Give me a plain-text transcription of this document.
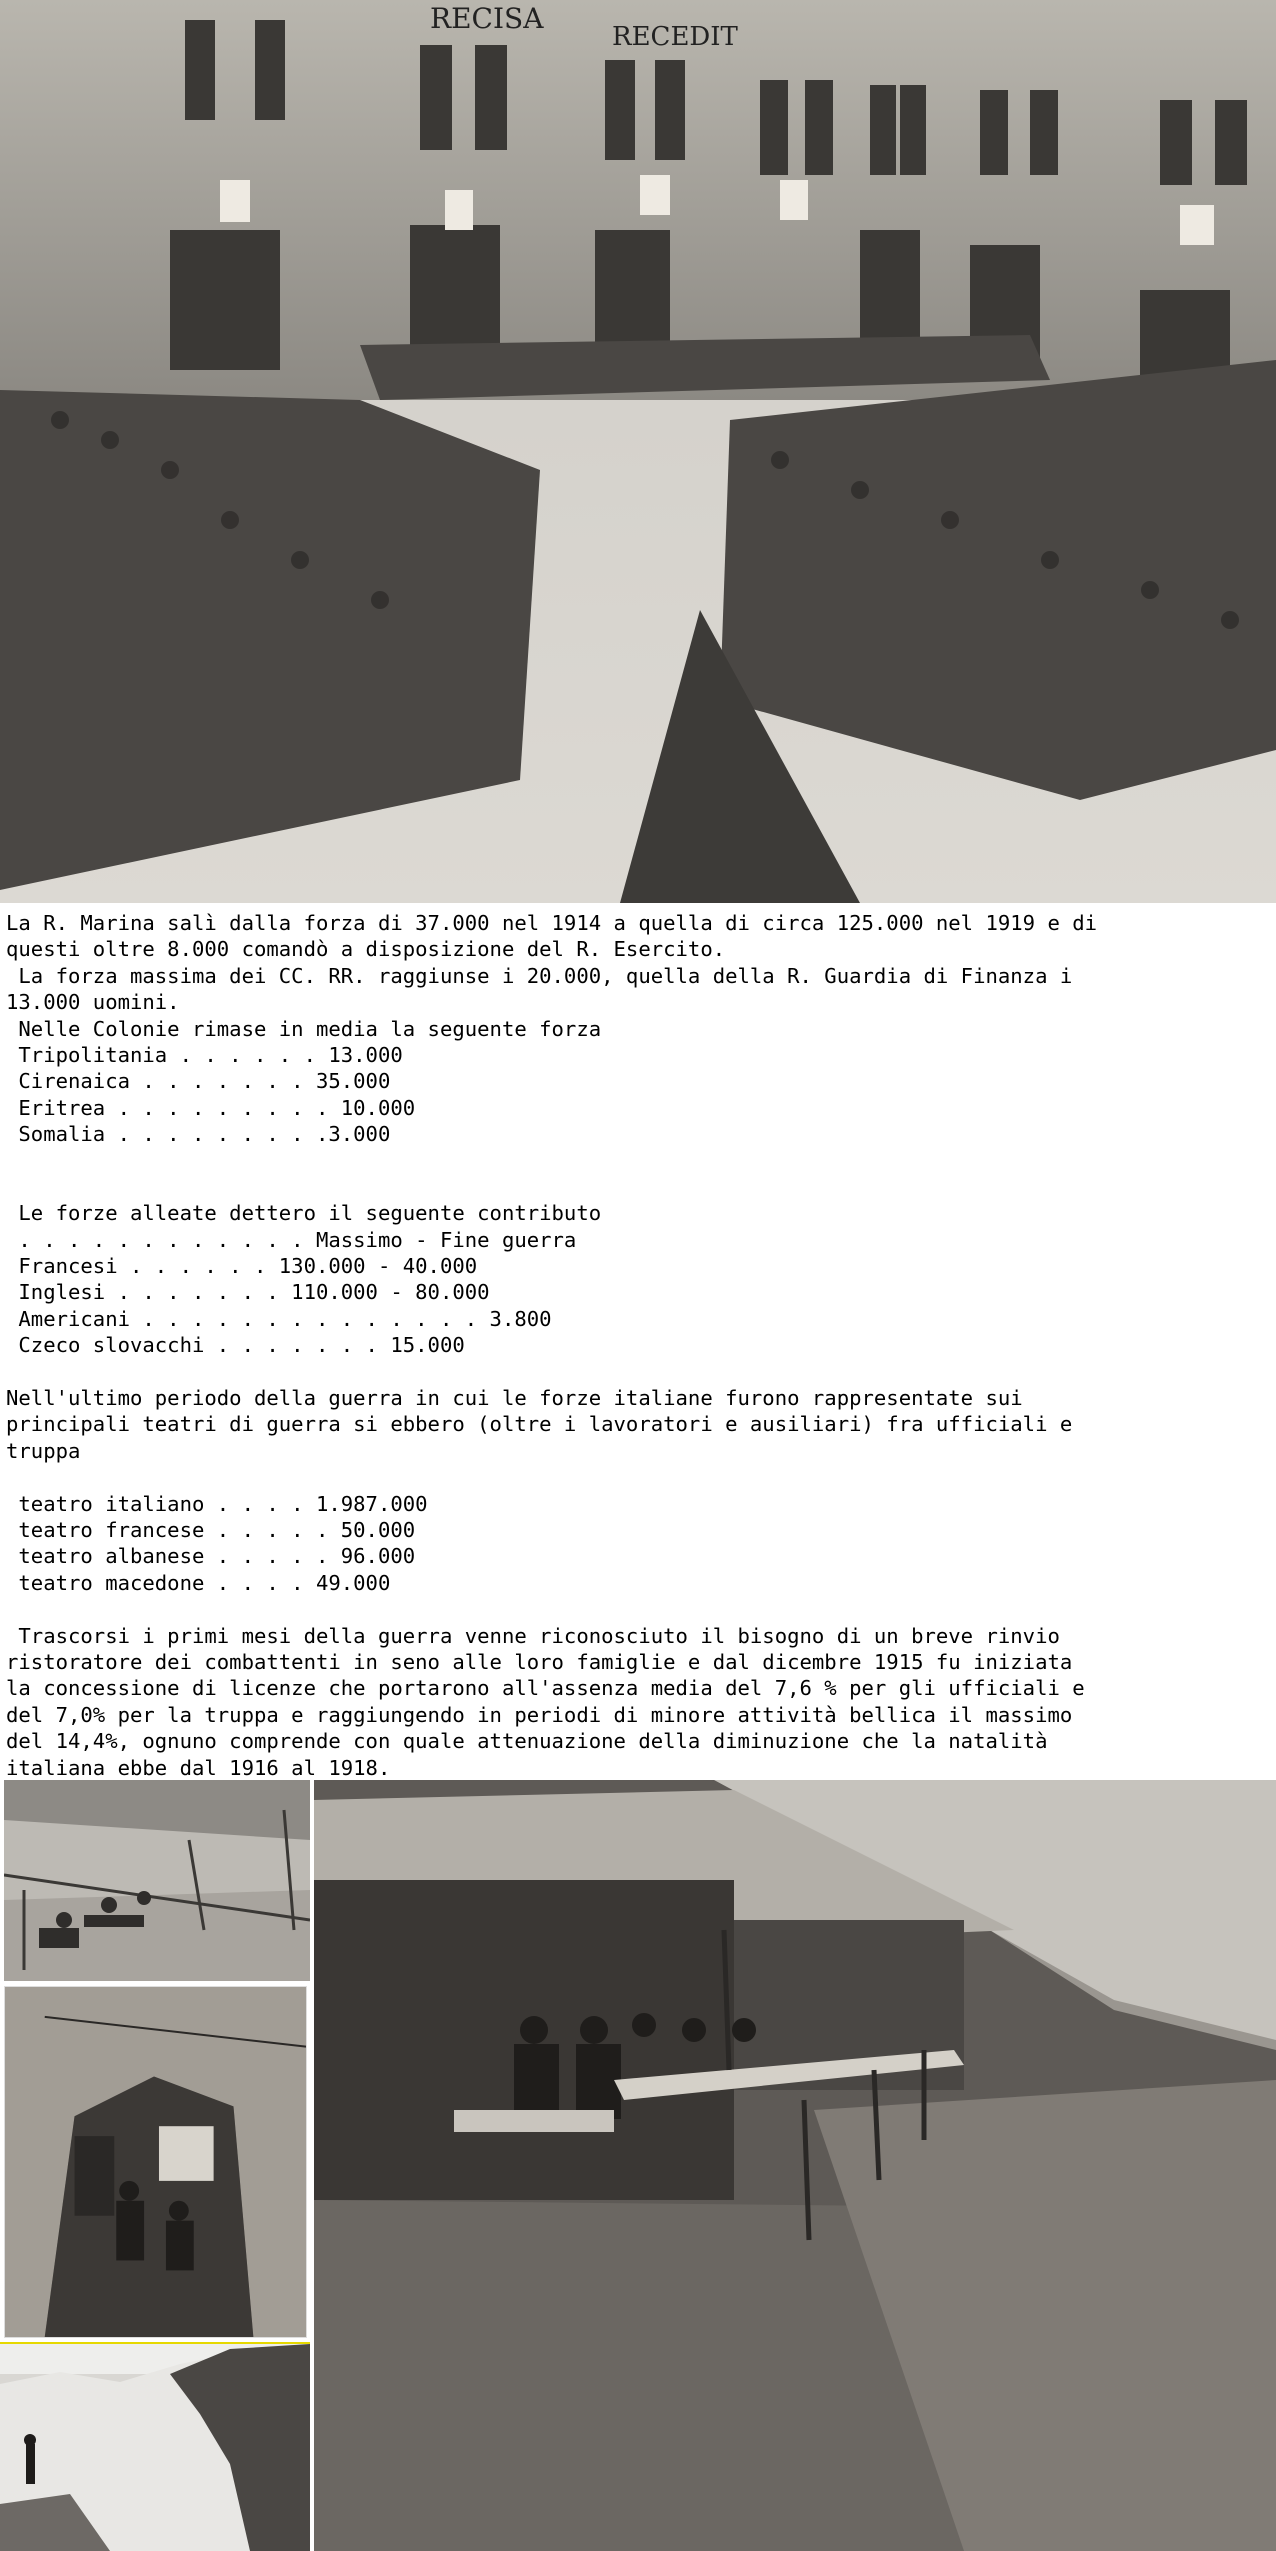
RECISA
RECEDIT
La R. Marina salì dalla forza di 37.000 nel 1914 a quella di circa 125.000 nel 1919 e di
questi oltre 8.000 comandò a disposizione del R. Esercito.
La forza massima dei CC. RR. raggiunse i 20.000, quella della R. Guardia di Finanza i
13.000 uomini.
Nelle Colonie rimase in media la seguente forza
Tripolitania . . . . . . 13.000
Cirenaica . . . . . . . 35.000
Eritrea . . . . . . . . . 10.000
Somalia . . . . . . . . .3.000
Le forze alleate dettero il seguente contributo
. . . . . . . . . . . . Massimo - Fine guerra
Francesi . . . . . . 130.000 - 40.000
Inglesi . . . . . . . 110.000 - 80.000
Americani . . . . . . . . . . . . . . 3.800
Czeco slovacchi . . . . . . . 15.000
Nell'ultimo periodo della guerra in cui le forze italiane furono rappresentate sui
principali teatri di guerra si ebbero (oltre i lavoratori e ausiliari) fra ufficiali e
truppa
teatro italiano . . . . 1.987.000
teatro francese . . . . . 50.000
teatro albanese . . . . . 96.000
teatro macedone . . . . 49.000
Trascorsi i primi mesi della guerra venne riconosciuto il bisogno di un breve rinvio
ristoratore dei combattenti in seno alle loro famiglie e dal dicembre 1915 fu iniziata
la concessione di licenze che portarono all'assenza media del 7,6 % per gli ufficiali e
del 7,0% per la truppa e raggiungendo in periodi di minore attività bellica il massimo
del 14,4%, ognuno comprende con quale attenuazione della diminuzione che la natalità
italiana ebbe dal 1916 al 1918.
